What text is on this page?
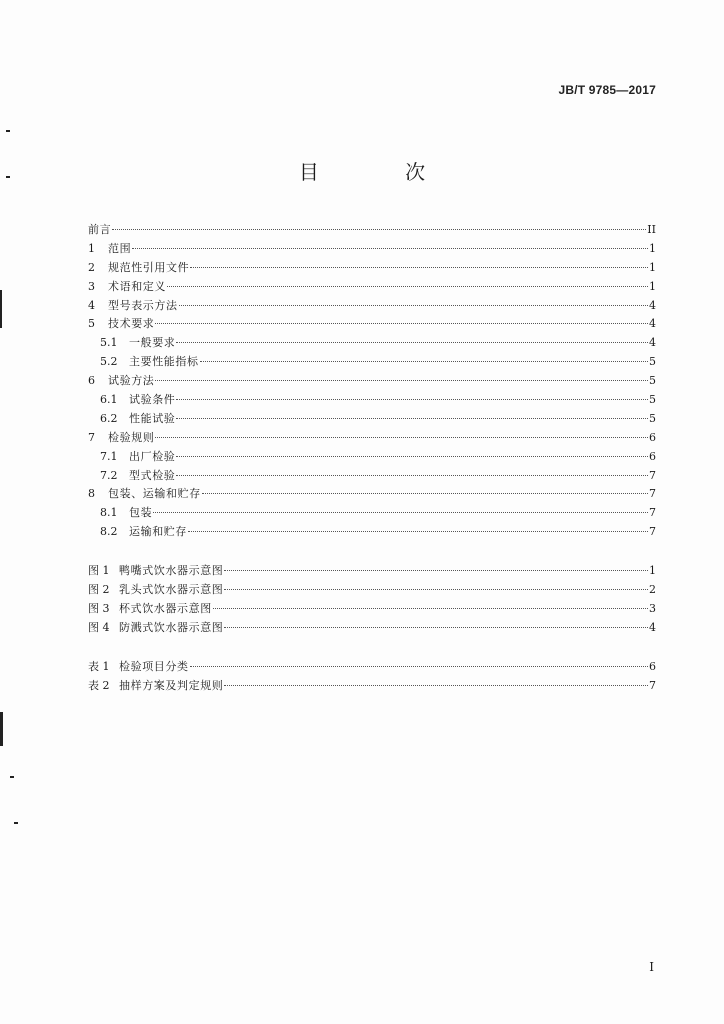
JB/T 9785—2017
目 次
前言	II
1	范围	1
2	规范性引用文件	1
3	术语和定义	1
4	型号表示方法	4
5	技术要求	4
5.1	一般要求	4
5.2	主要性能指标	5
6	试验方法	5
6.1	试验条件	5
6.2	性能试验	5
7	检验规则	6
7.1	出厂检验	6
7.2	型式检验	7
8	包装、运输和贮存	7
8.1	包装	7
8.2	运输和贮存	7
图 1 鸭嘴式饮水器示意图	1
图 2 乳头式饮水器示意图	2
图 3 杯式饮水器示意图	3
图 4 防溅式饮水器示意图	4
表 1 检验项目分类	6
表 2 抽样方案及判定规则	7
I
